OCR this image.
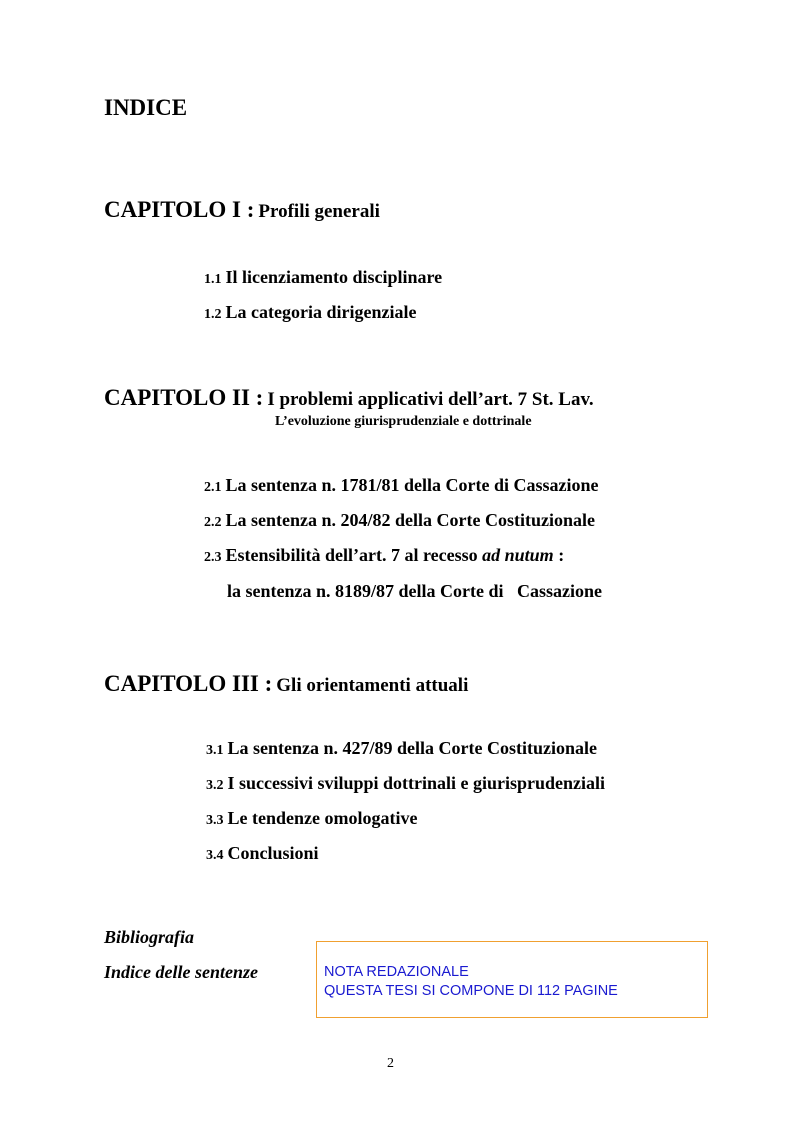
INDICE
CAPITOLO I : Profili generali
1.1 Il licenziamento disciplinare
1.2 La categoria dirigenziale
CAPITOLO II : I problemi applicativi dell’art. 7 St. Lav.
L’evoluzione giurisprudenziale e dottrinale
2.1 La sentenza n. 1781/81 della Corte di Cassazione
2.2 La sentenza n. 204/82 della Corte Costituzionale
2.3 Estensibilità dell’art. 7 al recesso ad nutum :
la sentenza n. 8189/87 della Corte di   Cassazione
CAPITOLO III : Gli orientamenti attuali
3.1 La sentenza n. 427/89 della Corte Costituzionale
3.2 I successivi sviluppi dottrinali e giurisprudenziali
3.3 Le tendenze omologative
3.4 Conclusioni
Bibliografia
Indice delle sentenze	NOTA REDAZIONALE
QUESTA TESI SI COMPONE DI 112 PAGINE
2
